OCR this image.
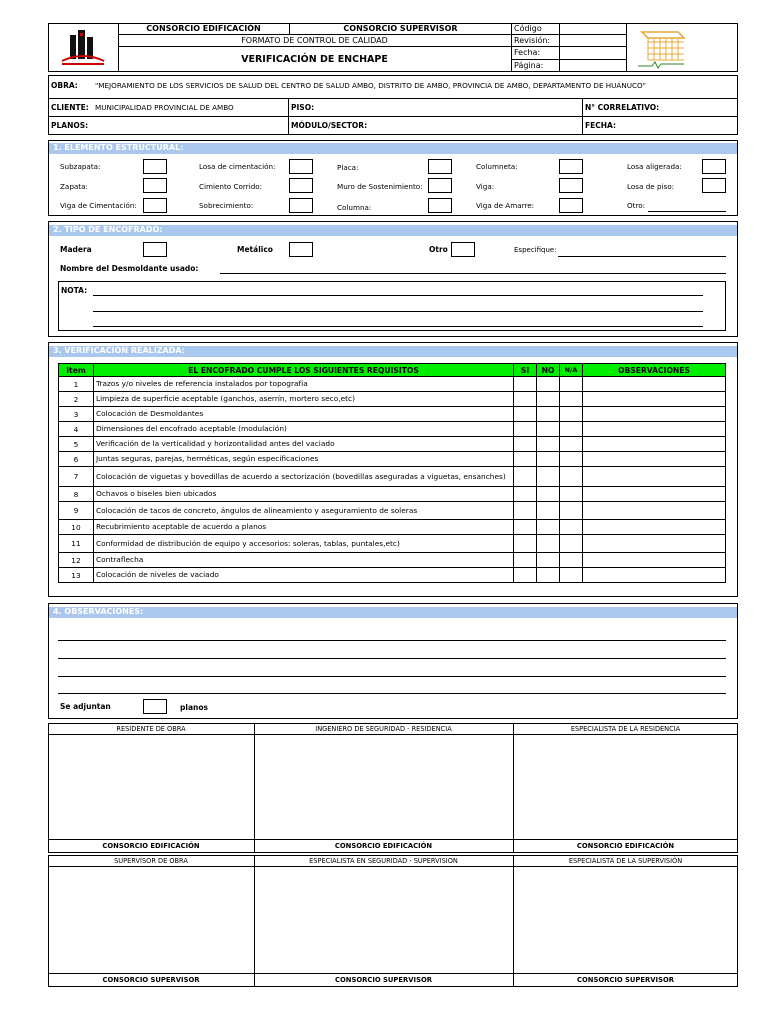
CONSORCIO EDIFICACIÓN	CONSORCIO SUPERVISOR
FORMATO DE CONTROL DE CALIDAD
VERIFICACIÓN DE ENCHAPE
Código
Revisión:
Fecha:
Página:
OBRA: "MEJORAMIENTO DE LOS SERVICIOS DE SALUD DEL CENTRO DE SALUD AMBO, DISTRITO DE AMBO, PROVINCIA DE AMBO, DEPARTAMENTO DE HUÁNUCO"
CLIENTE: MUNICIPALIDAD PROVINCIAL DE AMBO	PISO:	N° CORRELATIVO:
PLANOS:	MÓDULO/SECTOR:	FECHA:
1. ELEMENTO ESTRUCTURAL:
Subzapata:	Losa de cimentación:	Placa:	Columneta:	Losa aligerada:
Zapata:	Cimiento Corrido:	Muro de Sostenimiento:	Viga:	Losa de piso:
Viga de Cimentación:	Sobrecimiento:	Columna:	Viga de Amarre:	Otro:
2. TIPO DE ENCOFRADO:
Madera	Metálico	Otro	Especifique:
Nombre del Desmoldante usado:
NOTA:
3. VERIFICACIÓN REALIZADA:
Item	EL ENCOFRADO CUMPLE LOS SIGUIENTES REQUISITOS	SI	NO	N/A	OBSERVACIONES
1	Trazos y/o niveles de referencia instalados por topografía				
2	Limpieza de superficie aceptable (ganchos, aserrín, mortero seco,etc)				
3	Colocación de Desmoldantes				
4	Dimensiones del encofrado aceptable (modulación)				
5	Verificación de la verticalidad y horizontalidad antes del vaciado				
6	Juntas seguras, parejas, herméticas, según especificaciones				
7	Colocación de viguetas y bovedillas de acuerdo a sectorización (bovedillas aseguradas a viguetas, ensanches)				
8	Ochavos o biseles bien ubicados				
9	Colocación de tacos de concreto, ángulos de alineamiento y aseguramiento de soleras				
10	Recubrimiento aceptable de acuerdo a planos				
11	Conformidad de distribución de equipo y accesorios: soleras, tablas, puntales,etc)				
12	Contraflecha				
13	Colocación de niveles de vaciado				
4. OBSERVACIONES:
Se adjuntan	planos
RESIDENTE DE OBRA	INGENIERO DE SEGURIDAD - RESIDENCIA	ESPECIALISTA DE LA RESIDENCIA
CONSORCIO EDIFICACIÓN	CONSORCIO EDIFICACIÓN	CONSORCIO EDIFICACIÓN
SUPERVISOR DE OBRA	ESPECIALISTA EN SEGURIDAD - SUPERVISION	ESPECIALISTA DE LA SUPERVISIÓN
CONSORCIO SUPERVISOR	CONSORCIO SUPERVISOR	CONSORCIO SUPERVISOR
